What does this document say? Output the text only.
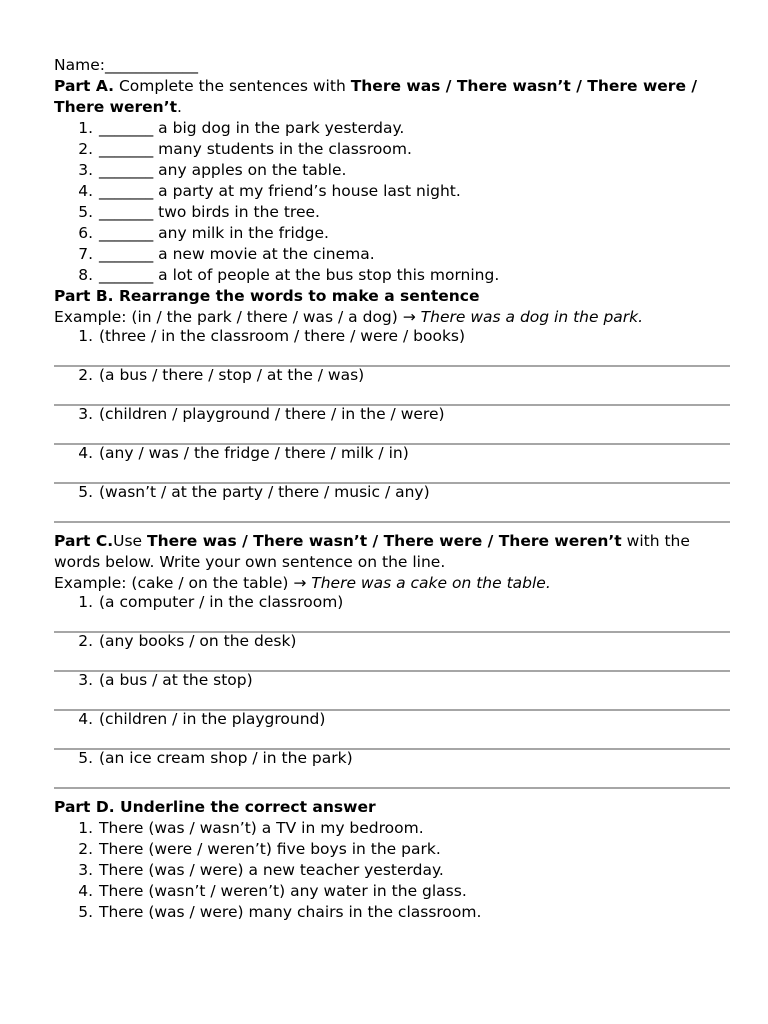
Name:____________
Part A. Complete the sentences with There was / There wasn’t / There were / There weren’t.
1. _______ a big dog in the park yesterday.
2. _______ many students in the classroom.
3. _______ any apples on the table.
4. _______ a party at my friend’s house last night.
5. _______ two birds in the tree.
6. _______ any milk in the fridge.
7. _______ a new movie at the cinema.
8. _______ a lot of people at the bus stop this morning.
Part B. Rearrange the words to make a sentence
Example: (in / the park / there / was / a dog) → There was a dog in the park.
1. (three / in the classroom / there / were / books)
2. (a bus / there / stop / at the / was)
3. (children / playground / there / in the / were)
4. (any / was / the fridge / there / milk / in)
5. (wasn’t / at the party / there / music / any)
Part C.Use There was / There wasn’t / There were / There weren’t with the words below. Write your own sentence on the line.
Example: (cake / on the table) → There was a cake on the table.
1. (a computer / in the classroom)
2. (any books / on the desk)
3. (a bus / at the stop)
4. (children / in the playground)
5. (an ice cream shop / in the park)
Part D. Underline the correct answer
1. There (was / wasn’t) a TV in my bedroom.
2. There (were / weren’t) five boys in the park.
3. There (was / were) a new teacher yesterday.
4. There (wasn’t / weren’t) any water in the glass.
5. There (was / were) many chairs in the classroom.
